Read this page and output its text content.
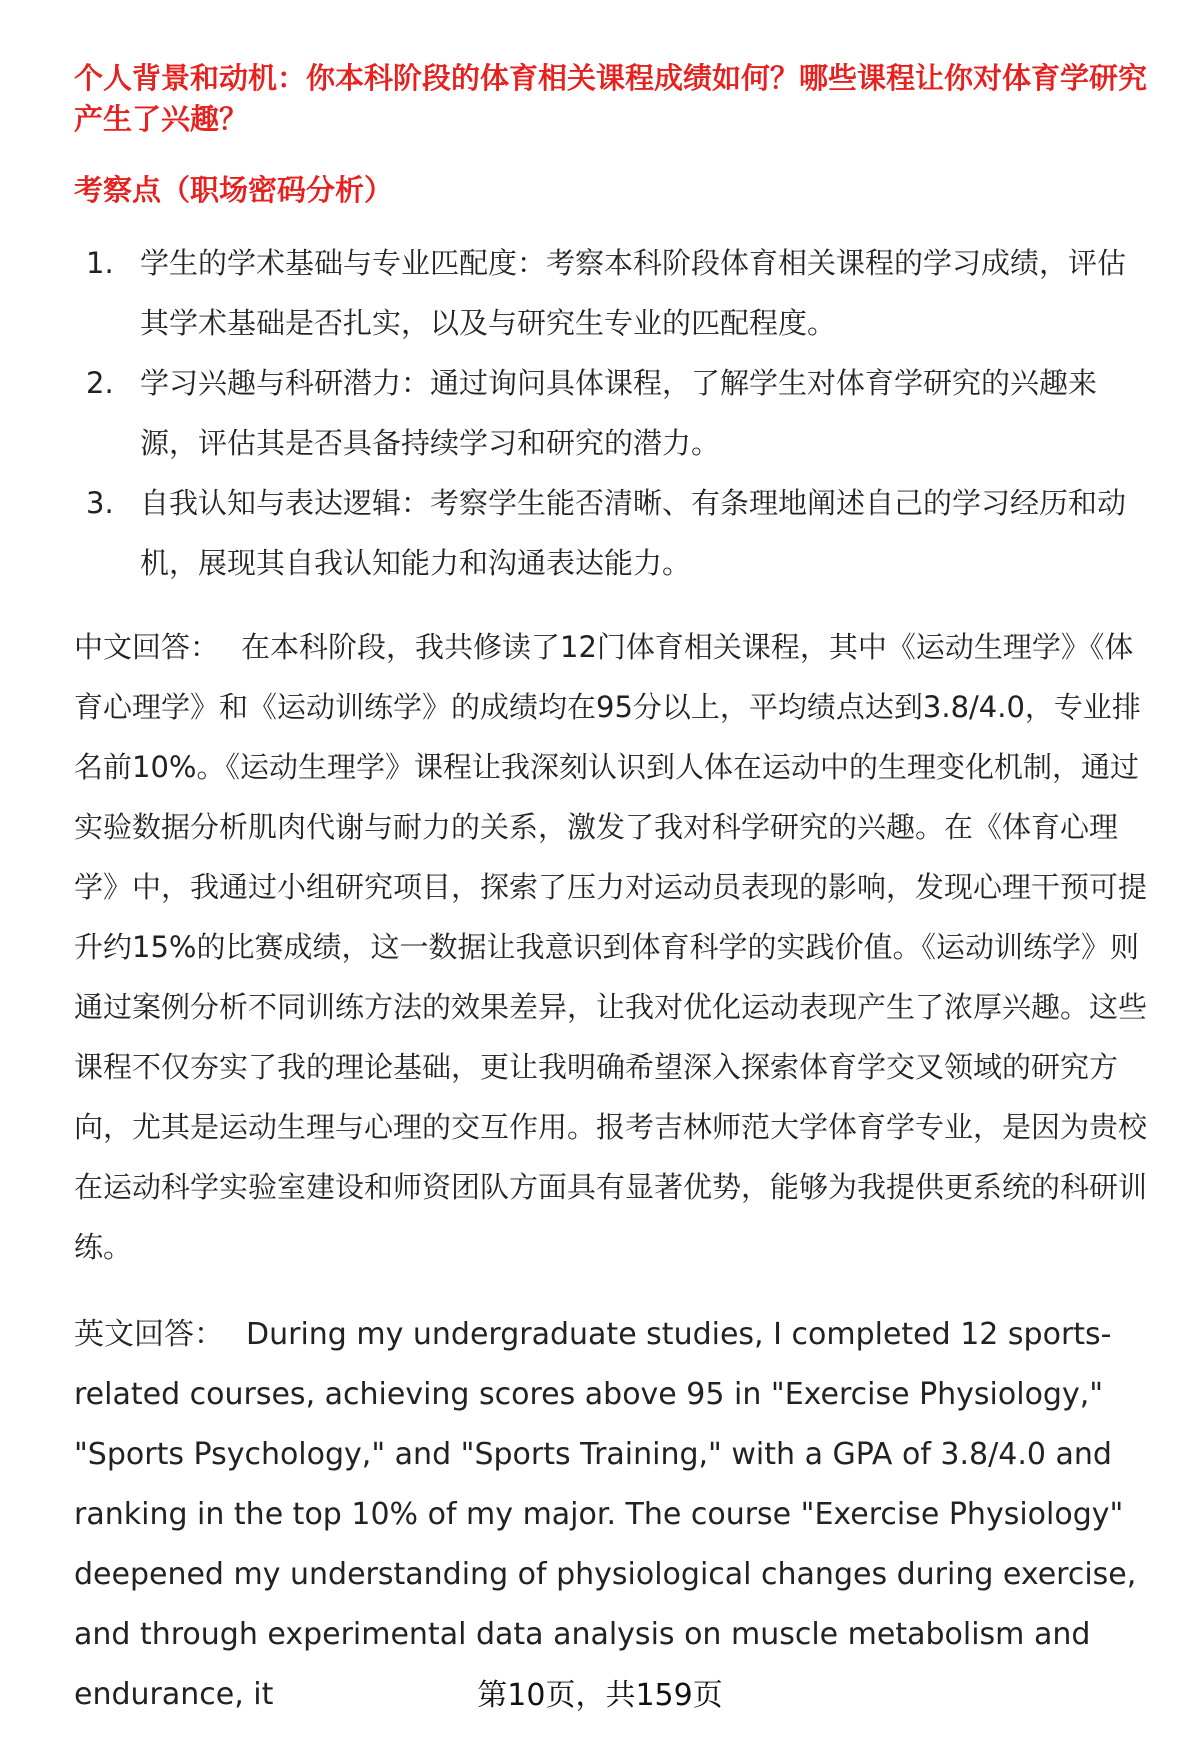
个人背景和动机：你本科阶段的体育相关课程成绩如何？哪些课程让你对体育学研究产生了兴趣？

考察点（职场密码分析）

1. 学生的学术基础与专业匹配度：考察本科阶段体育相关课程的学习成绩，评估其学术基础是否扎实，以及与研究生专业的匹配程度。
2. 学习兴趣与科研潜力：通过询问具体课程，了解学生对体育学研究的兴趣来源，评估其是否具备持续学习和研究的潜力。
3. 自我认知与表达逻辑：考察学生能否清晰、有条理地阐述自己的学习经历和动机，展现其自我认知能力和沟通表达能力。

中文回答： 在本科阶段，我共修读了12门体育相关课程，其中《运动生理学》《体育心理学》和《运动训练学》的成绩均在95分以上，平均绩点达到3.8/4.0，专业排名前10%。《运动生理学》课程让我深刻认识到人体在运动中的生理变化机制，通过实验数据分析肌肉代谢与耐力的关系，激发了我对科学研究的兴趣。在《体育心理学》中，我通过小组研究项目，探索了压力对运动员表现的影响，发现心理干预可提升约15%的比赛成绩，这一数据让我意识到体育科学的实践价值。《运动训练学》则通过案例分析不同训练方法的效果差异，让我对优化运动表现产生了浓厚兴趣。这些课程不仅夯实了我的理论基础，更让我明确希望深入探索体育学交叉领域的研究方向，尤其是运动生理与心理的交互作用。报考吉林师范大学体育学专业，是因为贵校在运动科学实验室建设和师资团队方面具有显著优势，能够为我提供更系统的科研训练。

英文回答： During my undergraduate studies, I completed 12 sports-related courses, achieving scores above 95 in "Exercise Physiology," "Sports Psychology," and "Sports Training," with a GPA of 3.8/4.0 and ranking in the top 10% of my major. The course "Exercise Physiology" deepened my understanding of physiological changes during exercise, and through experimental data analysis on muscle metabolism and endurance, it	第10页，共159页
